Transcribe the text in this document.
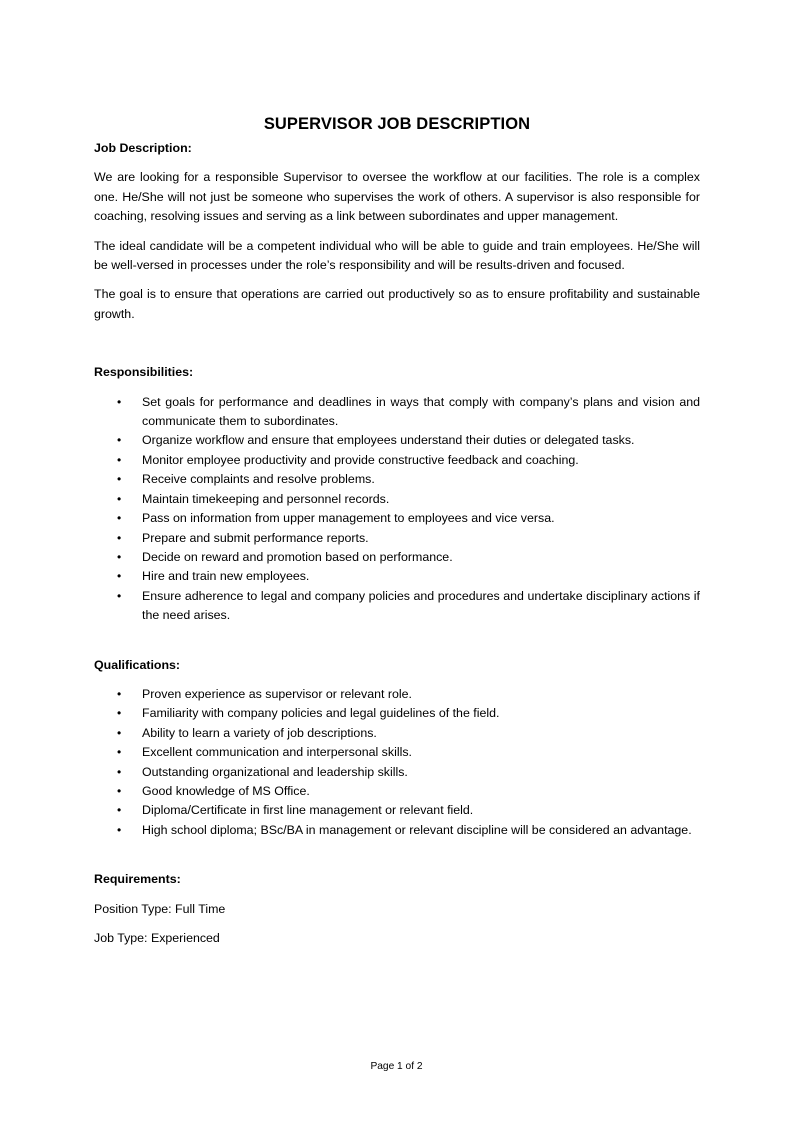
SUPERVISOR JOB DESCRIPTION
Job Description:

We are looking for a responsible Supervisor to oversee the workflow at our facilities. The role is a complex one. He/She will not just be someone who supervises the work of others. A supervisor is also responsible for coaching, resolving issues and serving as a link between subordinates and upper management.

The ideal candidate will be a competent individual who will be able to guide and train employees. He/She will be well-versed in processes under the role’s responsibility and will be results-driven and focused.

The goal is to ensure that operations are carried out productively so as to ensure profitability and sustainable growth.

Responsibilities:
• Set goals for performance and deadlines in ways that comply with company’s plans and vision and communicate them to subordinates.
• Organize workflow and ensure that employees understand their duties or delegated tasks.
• Monitor employee productivity and provide constructive feedback and coaching.
• Receive complaints and resolve problems.
• Maintain timekeeping and personnel records.
• Pass on information from upper management to employees and vice versa.
• Prepare and submit performance reports.
• Decide on reward and promotion based on performance.
• Hire and train new employees.
• Ensure adherence to legal and company policies and procedures and undertake disciplinary actions if the need arises.
Qualifications:
• Proven experience as supervisor or relevant role.
• Familiarity with company policies and legal guidelines of the field.
• Ability to learn a variety of job descriptions.
• Excellent communication and interpersonal skills.
• Outstanding organizational and leadership skills.
• Good knowledge of MS Office.
• Diploma/Certificate in first line management or relevant field.
• High school diploma; BSc/BA in management or relevant discipline will be considered an advantage.
Requirements:
Position Type: Full Time
Job Type: Experienced
Page 1 of 2
